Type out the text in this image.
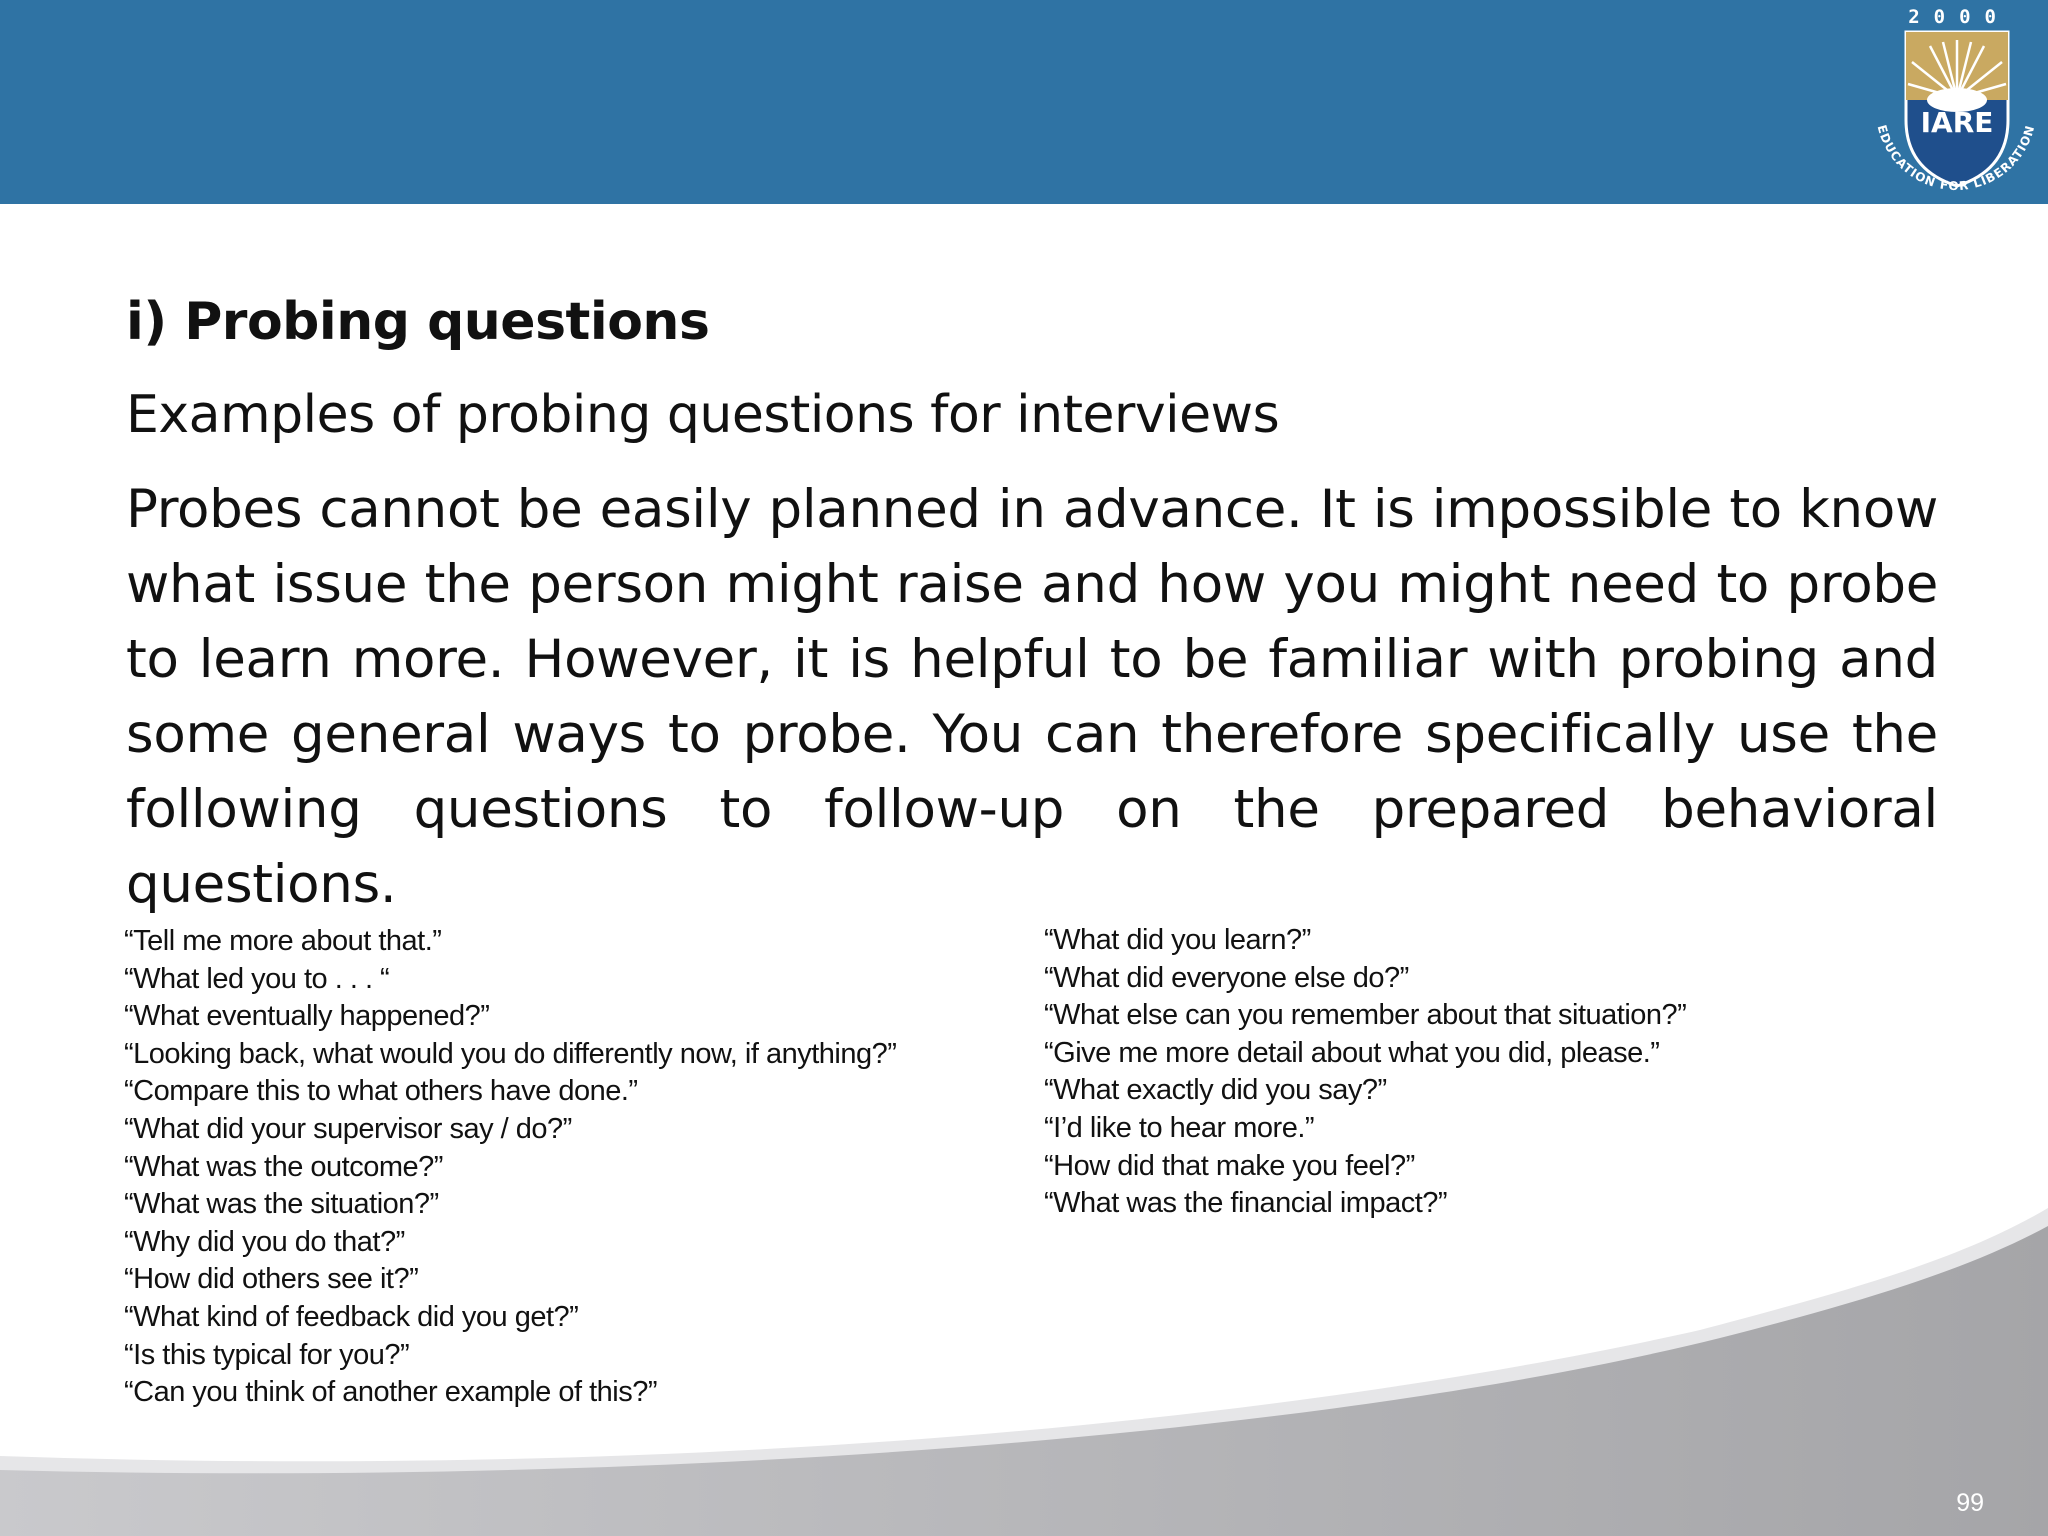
2000
IARE
EDUCATION FOR LIBERATION
i) Probing questions

Examples of probing questions for interviews

Probes cannot be easily planned in advance. It is impossible to know what issue the person might raise and how you might need to probe to learn more. However, it is helpful to be familiar with probing and some general ways to probe. You can therefore specifically use the following questions to follow-up on the prepared behavioral questions.

“Tell me more about that.”
“What led you to . . . “
“What eventually happened?”
“Looking back, what would you do differently now, if anything?”
“Compare this to what others have done.”
“What did your supervisor say / do?”
“What was the outcome?”
“What was the situation?”
“Why did you do that?”
“How did others see it?”
“What kind of feedback did you get?”
“Is this typical for you?”
“Can you think of another example of this?”
“What did you learn?”
“What did everyone else do?”
“What else can you remember about that situation?”
“Give me more detail about what you did, please.”
“What exactly did you say?”
“I’d like to hear more.”
“How did that make you feel?”
“What was the financial impact?”
99
